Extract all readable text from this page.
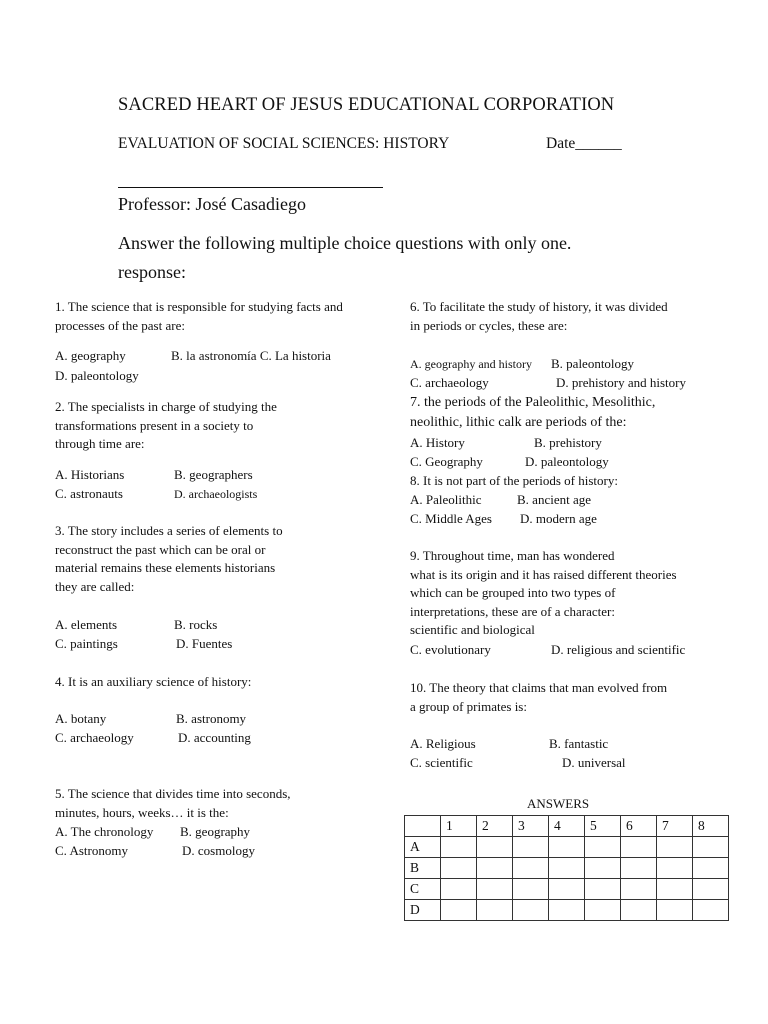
SACRED HEART OF JESUS EDUCATIONAL CORPORATION
EVALUATION OF SOCIAL SCIENCES: HISTORY	Date______
Professor: José Casadiego
Answer the following multiple choice questions with only one.
response:
1. The science that is responsible for studying facts and
processes of the past are:
A. geography	B. la astronomía C. La historia
D. paleontology
2. The specialists in charge of studying the
transformations present in a society to
through time are:
A. Historians	B. geographers
C. astronauts	D. archaeologists
3. The story includes a series of elements to
reconstruct the past which can be oral or
material remains these elements historians
they are called:
A. elements	B. rocks
C. paintings	D. Fuentes
4. It is an auxiliary science of history:
A. botany	B. astronomy
C. archaeology	D. accounting
5. The science that divides time into seconds,
minutes, hours, weeks… it is the:
A. The chronology B. geography
C. Astronomy	D. cosmology
6. To facilitate the study of history, it was divided
in periods or cycles, these are:
A. geography and history B. paleontology
C. archaeology	D. prehistory and history
7. the periods of the Paleolithic, Mesolithic,
neolithic, lithic calk are periods of the:
A. History	B. prehistory
C. Geography	D. paleontology
8. It is not part of the periods of history:
A. Paleolithic	B. ancient age
C. Middle Ages D. modern age
9. Throughout time, man has wondered
what is its origin and it has raised different theories
which can be grouped into two types of
interpretations, these are of a character:
scientific and biological
C. evolutionary	D. religious and scientific
10. The theory that claims that man evolved from
a group of primates is:
A. Religious	B. fantastic
C. scientific	D. universal
ANSWERS
	1	2	3	4	5	6	7	8
A								
B								
C								
D								
